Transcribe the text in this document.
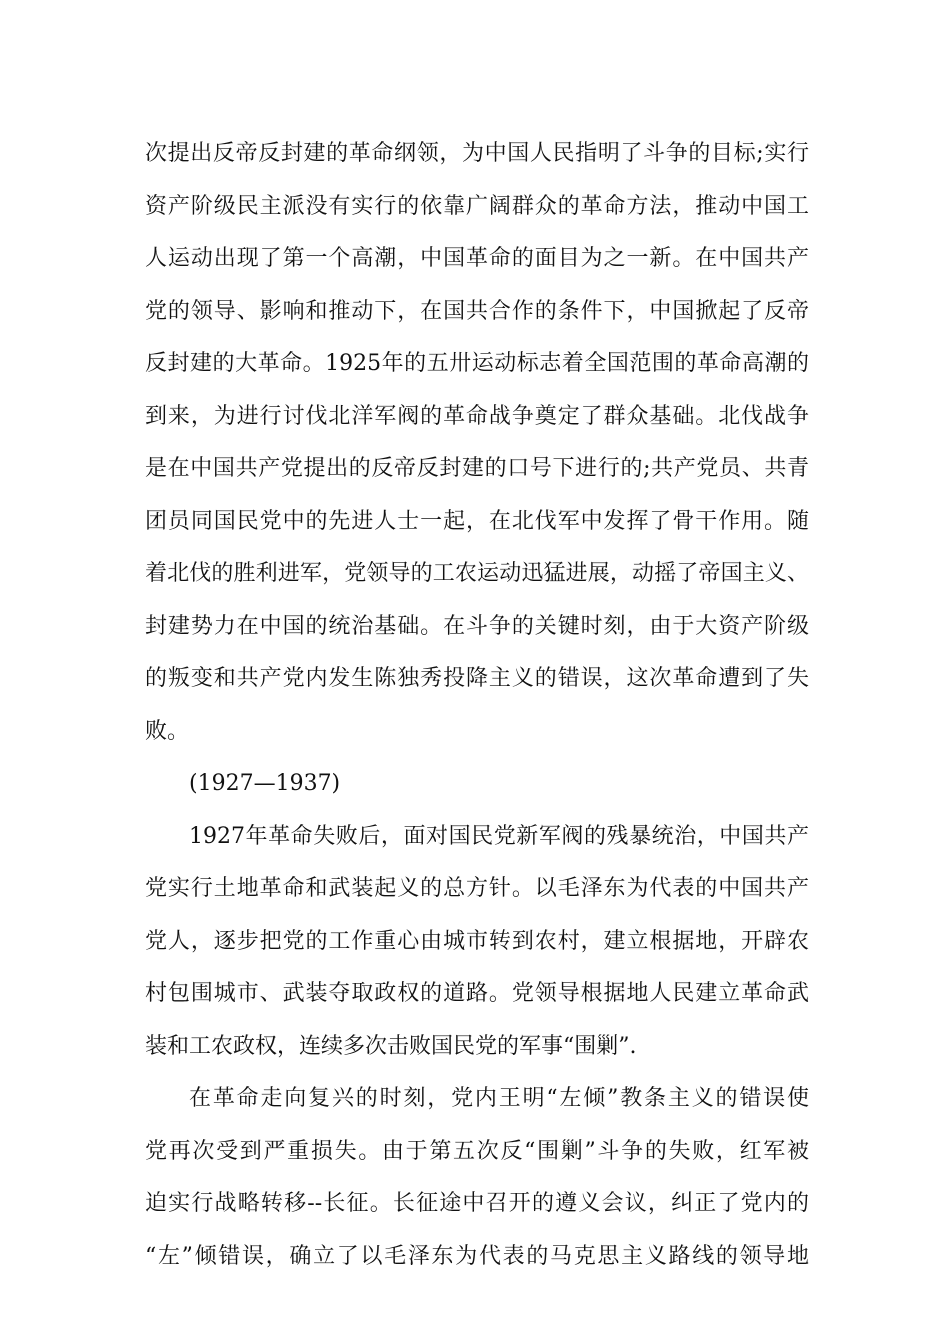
次提出反帝反封建的革命纲领，为中国人民指明了斗争的目标;实行
资产阶级民主派没有实行的依靠广阔群众的革命方法，推动中国工
人运动出现了第一个高潮，中国革命的面目为之一新。在中国共产
党的领导、影响和推动下，在国共合作的条件下，中国掀起了反帝
反封建的大革命。1925年的五卅运动标志着全国范围的革命高潮的
到来，为进行讨伐北洋军阀的革命战争奠定了群众基础。北伐战争
是在中国共产党提出的反帝反封建的口号下进行的;共产党员、共青
团员同国民党中的先进人士一起，在北伐军中发挥了骨干作用。随
着北伐的胜利进军，党领导的工农运动迅猛进展，动摇了帝国主义、
封建势力在中国的统治基础。在斗争的关键时刻，由于大资产阶级
的叛变和共产党内发生陈独秀投降主义的错误，这次革命遭到了失
败。

(1927—1937)

1927年革命失败后，面对国民党新军阀的残暴统治，中国共产
党实行土地革命和武装起义的总方针。以毛泽东为代表的中国共产
党人，逐步把党的工作重心由城市转到农村，建立根据地，开辟农
村包围城市、武装夺取政权的道路。党领导根据地人民建立革命武
装和工农政权，连续多次击败国民党的军事“围剿”.

在革命走向复兴的时刻，党内王明“左倾”教条主义的错误使
党再次受到严重损失。由于第五次反“围剿”斗争的失败，红军被
迫实行战略转移--长征。长征途中召开的遵义会议，纠正了党内的
“左”倾错误，确立了以毛泽东为代表的马克思主义路线的领导地
